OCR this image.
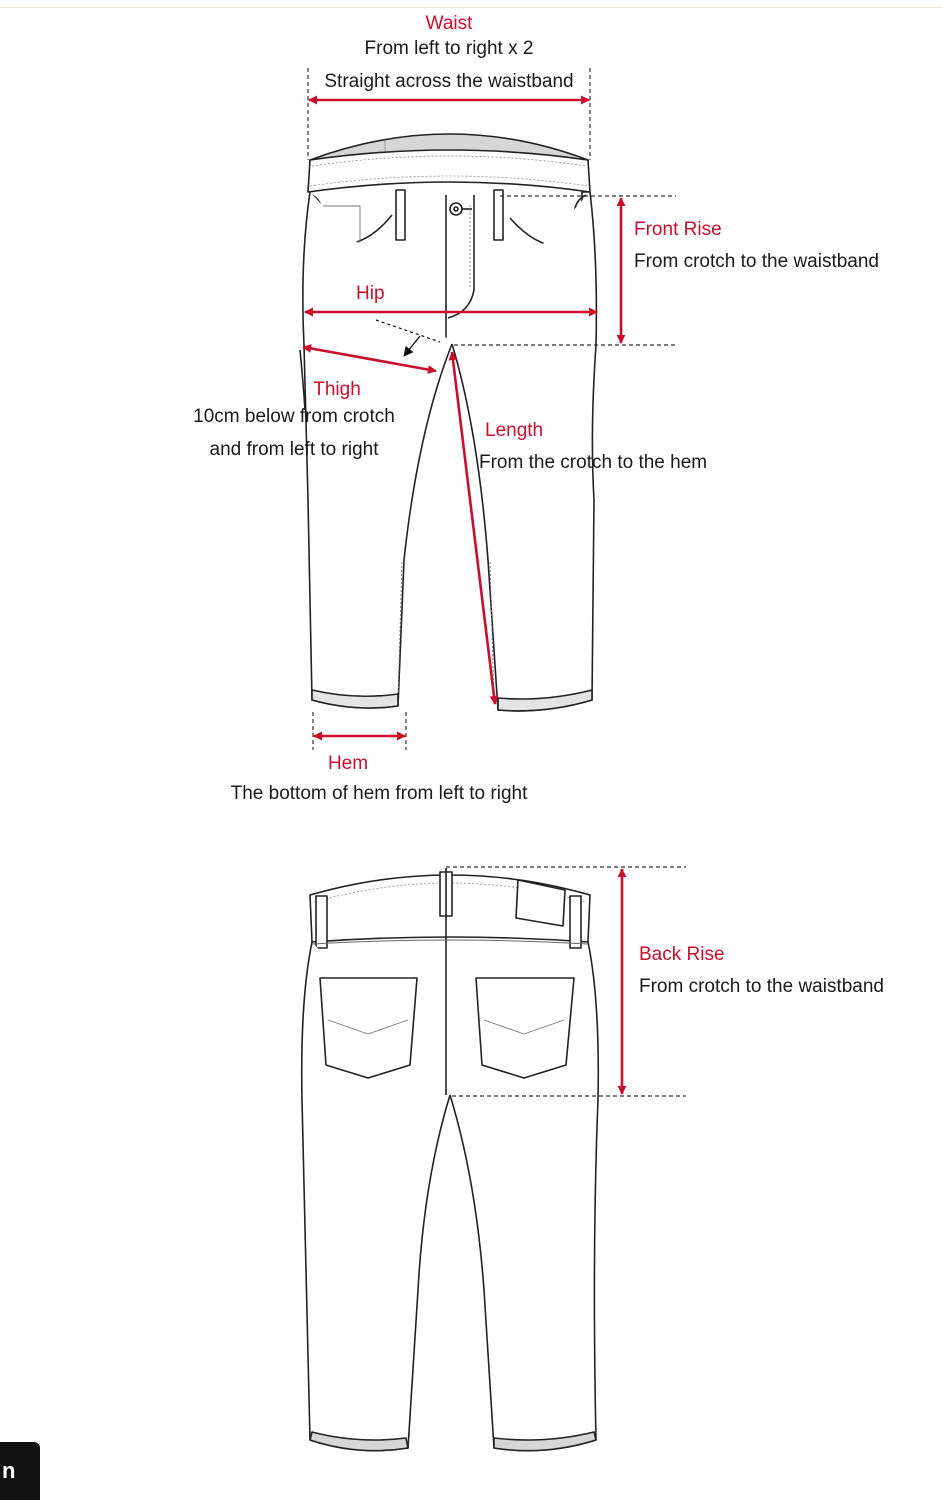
Waist
From left to right x 2
Straight across the waistband
Front Rise
From crotch to the waistband
Hip
Thigh
10cm below from crotch
and from left to right
Length
From the crotch to the hem
Hem
The bottom of hem from left to right
Back Rise
From crotch to the waistband
n
